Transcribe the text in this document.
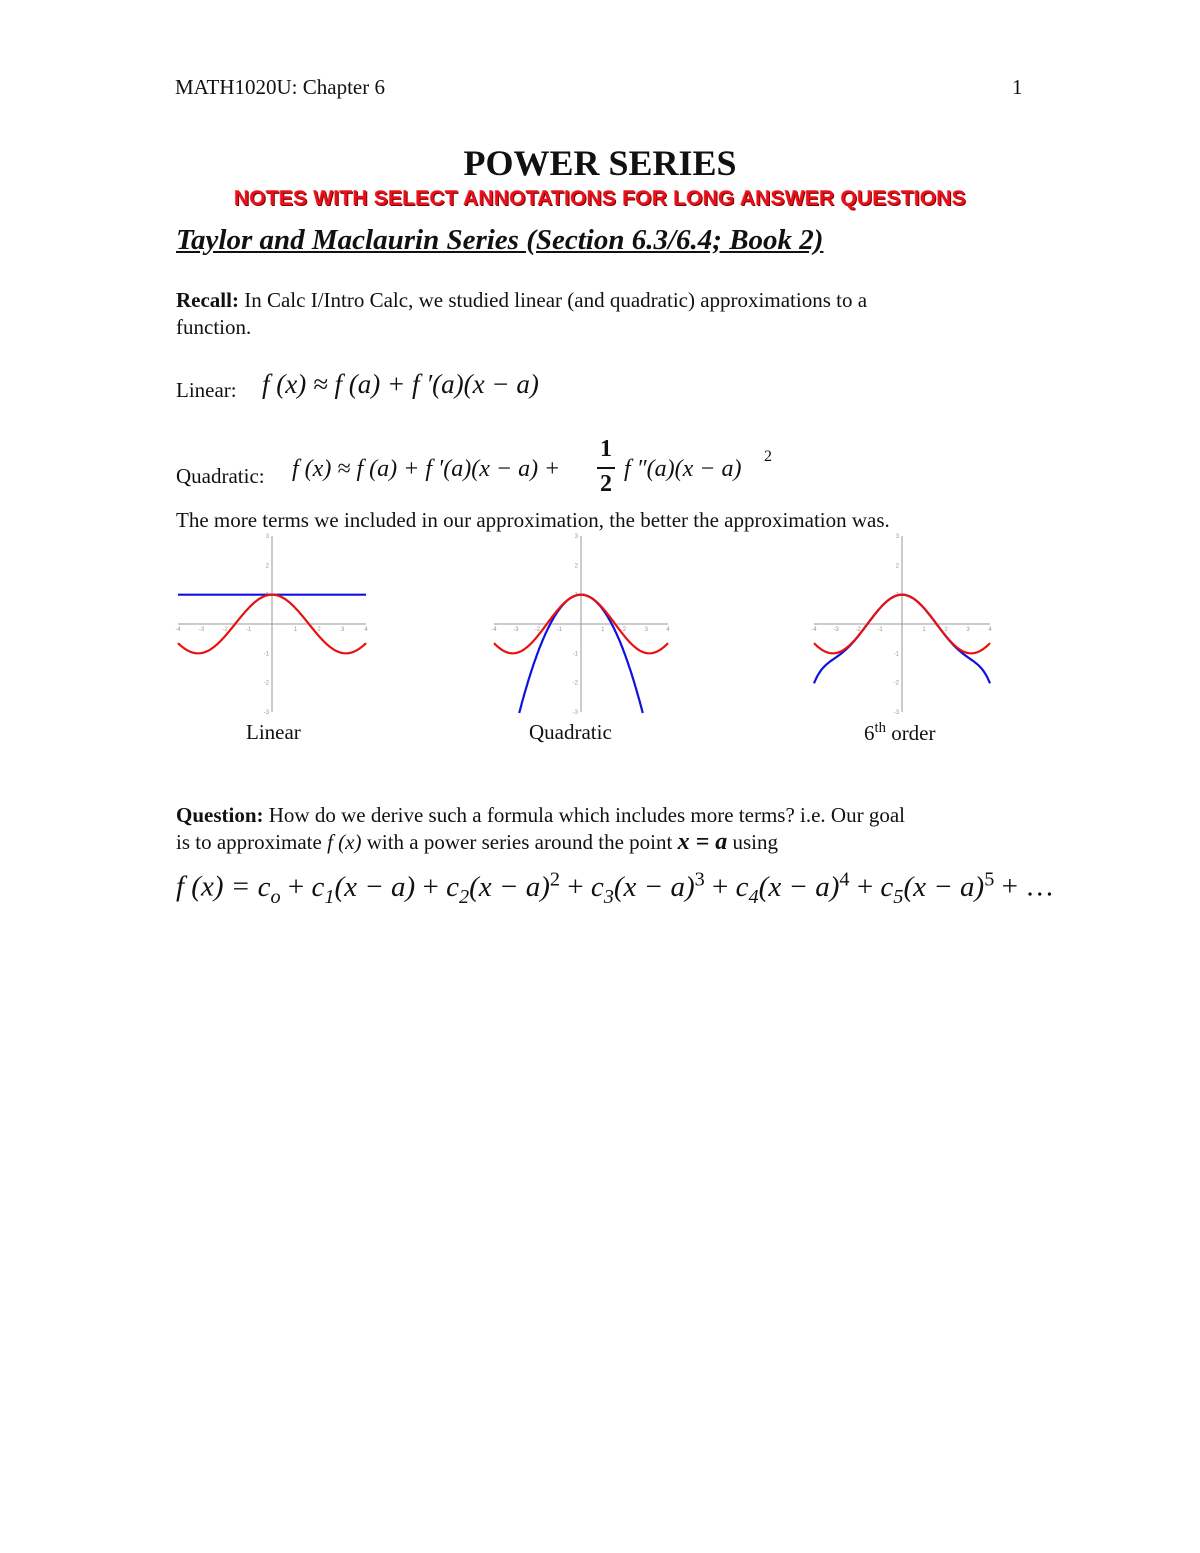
MATH1020U: Chapter 6	1
POWER SERIES
NOTES WITH SELECT ANNOTATIONS FOR LONG ANSWER QUESTIONS
Taylor and Maclaurin Series (Section 6.3/6.4; Book 2)
Recall: In Calc I/Intro Calc, we studied linear (and quadratic) approximations to a
function.
Linear: f (x) ≈ f (a) + f ′(a)(x − a)
Quadratic: f (x) ≈ f (a) + f ′(a)(x − a) +
1
2
f ″(a)(x − a) 2
The more terms we included in our approximation, the better the approximation was.
-4	-3	-2	-1	1	2	3	4
3
2
1
-1
-2
-3
-4	-3	-2	-1	1	2	3	4
3
2
1
-1
-2
-3
-4	-3	-2	-1	1	2	3	4
3
2
1
-1
-2
-3
Linear	Quadratic	6th order
Question: How do we derive such a formula which includes more terms? i.e. Our goal
is to approximate f (x) with a power series around the point x = a using
f $(x) = c_o + c_1(x - a) + c_2(x - a)^2 + c_3(x - a)^3 + c_4(x - a)^4 + c_5(x - a)^5$ + …
